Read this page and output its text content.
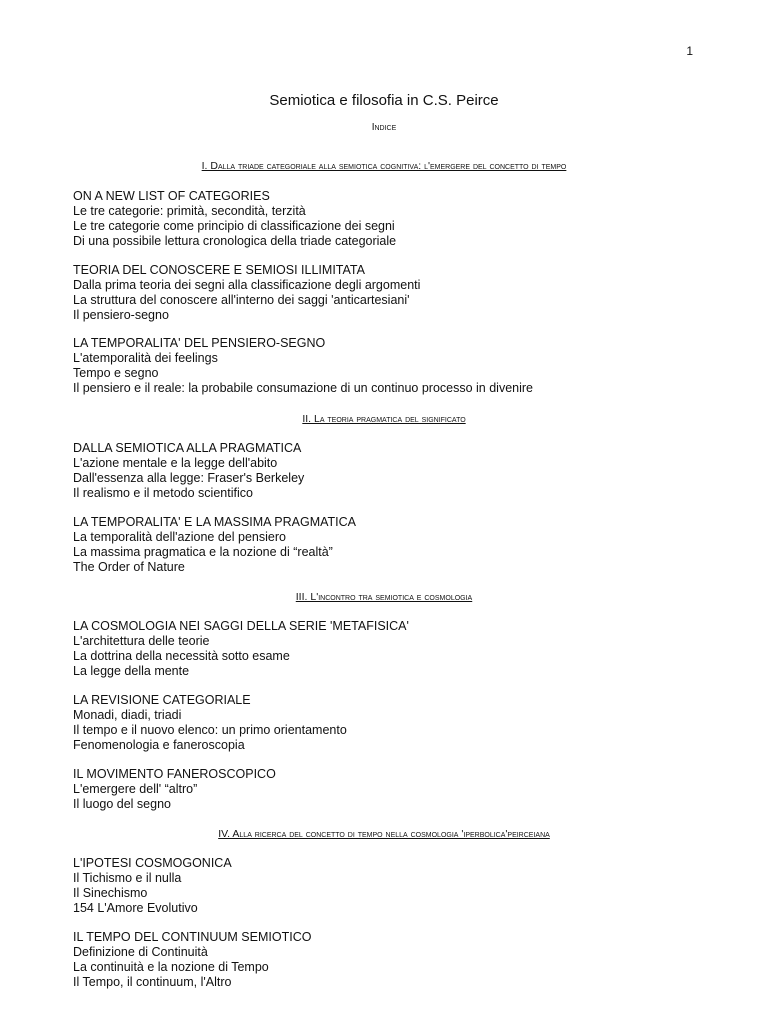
1
Semiotica e filosofia in C.S. Peirce
Indice
I. Dalla triade categoriale alla semiotica cognitiva: l'emergere del concetto di tempo
ON A NEW LIST OF CATEGORIES
Le tre categorie: primità, secondità, terzità
Le tre categorie come principio di classificazione dei segni
Di una possibile lettura cronologica della triade categoriale
TEORIA DEL CONOSCERE E SEMIOSI ILLIMITATA
Dalla prima teoria dei segni alla classificazione degli argomenti
La struttura del conoscere all'interno dei saggi 'anticartesiani'
Il pensiero-segno
LA TEMPORALITA' DEL PENSIERO-SEGNO
L'atemporalità dei feelings
Tempo e segno
Il pensiero e il reale: la probabile consumazione di un continuo processo in divenire
II. La teoria pragmatica del significato
DALLA SEMIOTICA ALLA PRAGMATICA
L'azione mentale e la legge dell'abito
Dall'essenza alla legge: Fraser's Berkeley
Il realismo e il metodo scientifico
LA TEMPORALITA' E LA MASSIMA PRAGMATICA
La temporalità dell'azione del pensiero
La massima pragmatica e la nozione di “realtà”
The Order of Nature
III. L'incontro tra semiotica e cosmologia
LA COSMOLOGIA NEI SAGGI DELLA SERIE 'METAFISICA'
L'architettura delle teorie
La dottrina della necessità sotto esame
La legge della mente
LA REVISIONE CATEGORIALE
Monadi, diadi, triadi
Il tempo e il nuovo elenco: un primo orientamento
Fenomenologia e faneroscopia
IL MOVIMENTO FANEROSCOPICO
L'emergere dell' “altro”
Il luogo del segno
IV. Alla ricerca del concetto di tempo nella cosmologia 'iperbolica'peirceiana
L'IPOTESI COSMOGONICA
Il Tichismo e il nulla
Il Sinechismo
154 L'Amore Evolutivo
IL TEMPO DEL CONTINUUM SEMIOTICO
Definizione di Continuità
La continuità e la nozione di Tempo
Il Tempo, il continuum, l'Altro
